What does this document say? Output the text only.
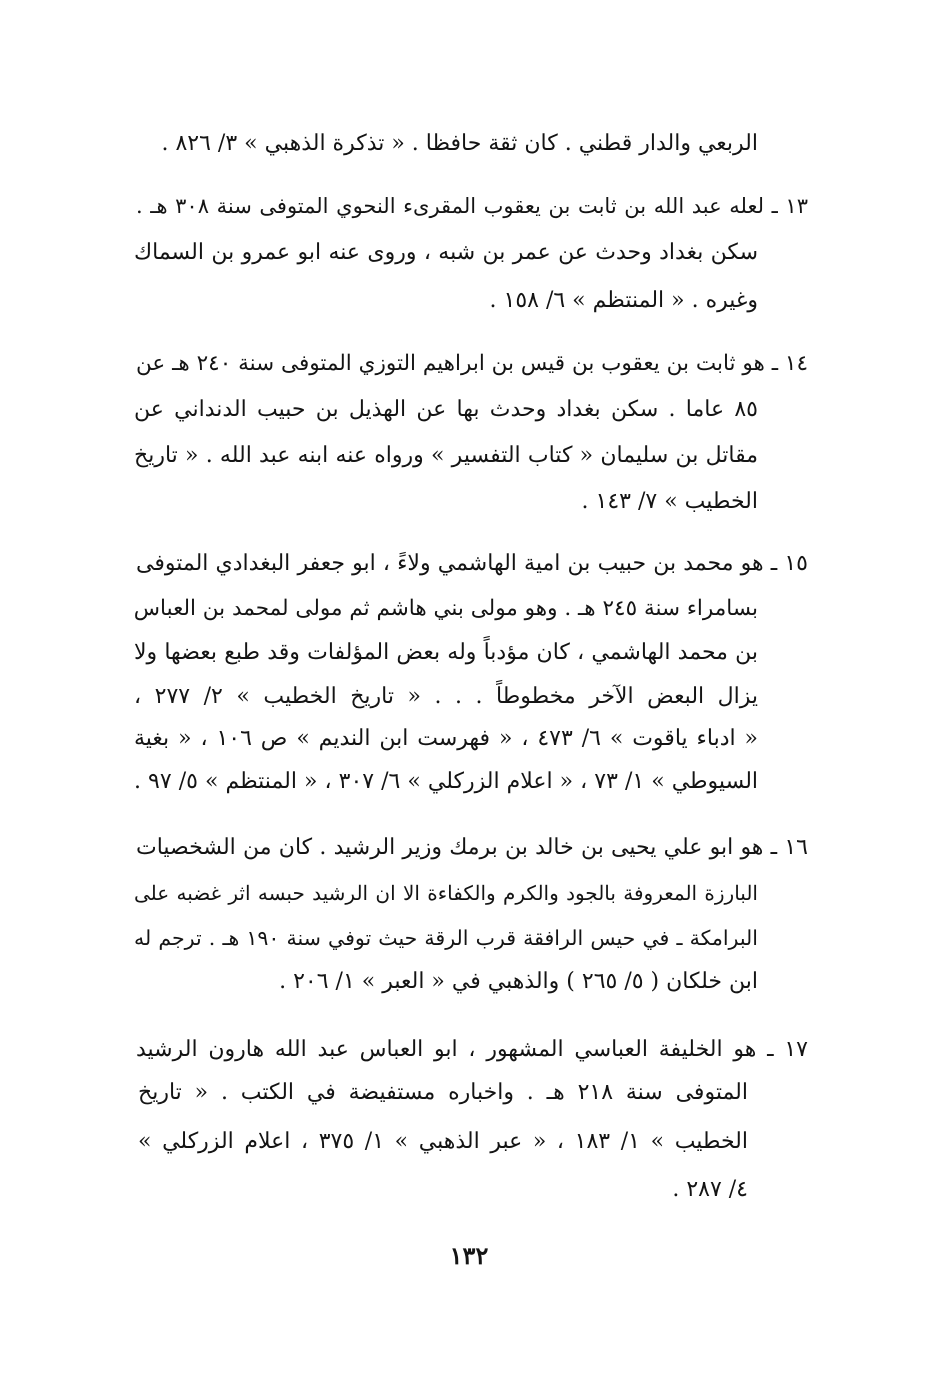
الربعي والدار قطني . كان ثقة حافظا . « تذكرة الذهبي » ٣/ ٨٢٦ .
١٣ ـ لعله عبد الله بن ثابت بن يعقوب المقرىء النحوي المتوفى سنة ٣٠٨ هـ .
سكن بغداد وحدث عن عمر بن شبه ، وروى عنه ابو عمرو بن السماك
وغيره . « المنتظم » ٦/ ١٥٨ .
١٤ ـ هو ثابت بن يعقوب بن قيس بن ابراهيم التوزي المتوفى سنة ٢٤٠ هـ عن
٨٥ عاما . سكن بغداد وحدث بها عن الهذيل بن حبيب الدنداني عن
مقاتل بن سليمان « كتاب التفسير » ورواه عنه ابنه عبد الله . « تاريخ
الخطيب » ٧/ ١٤٣ .
١٥ ـ هو محمد بن حبيب بن امية الهاشمي ولاءً ، ابو جعفر البغدادي المتوفى
بسامراء سنة ٢٤٥ هـ . وهو مولى بني هاشم ثم مولى لمحمد بن العباس
بن محمد الهاشمي ، كان مؤدباً وله بعض المؤلفات وقد طبع بعضها ولا
يزال البعض الآخر مخطوطاً . . . « تاريخ الخطيب » ٢/ ٢٧٧ ،
« ادباء ياقوت » ٦/ ٤٧٣ ، « فهرست ابن النديم » ص ١٠٦ ، « بغية
السيوطي » ١/ ٧٣ ، « اعلام الزركلي » ٦/ ٣٠٧ ، « المنتظم » ٥/ ٩٧ .
١٦ ـ هو ابو علي يحيى بن خالد بن برمك وزير الرشيد . كان من الشخصيات
البارزة المعروفة بالجود والكرم والكفاءة الا ان الرشيد حبسه اثر غضبه على
البرامكة ـ في حيس الرافقة قرب الرقة حيث توفي سنة ١٩٠ هـ . ترجم له
ابن خلكان ( ٥/ ٢٦٥ ) والذهبي في « العبر » ١/ ٢٠٦ .
١٧ ـ هو الخليفة العباسي المشهور ، ابو العباس عبد الله هارون الرشيد
المتوفى سنة ٢١٨ هـ . واخباره مستفيضة في الكتب . « تاريخ
الخطيب » ١/ ١٨٣ ، « عبر الذهبي » ١/ ٣٧٥ ، اعلام الزركلي »
٤/ ٢٨٧ .
١٣٢
